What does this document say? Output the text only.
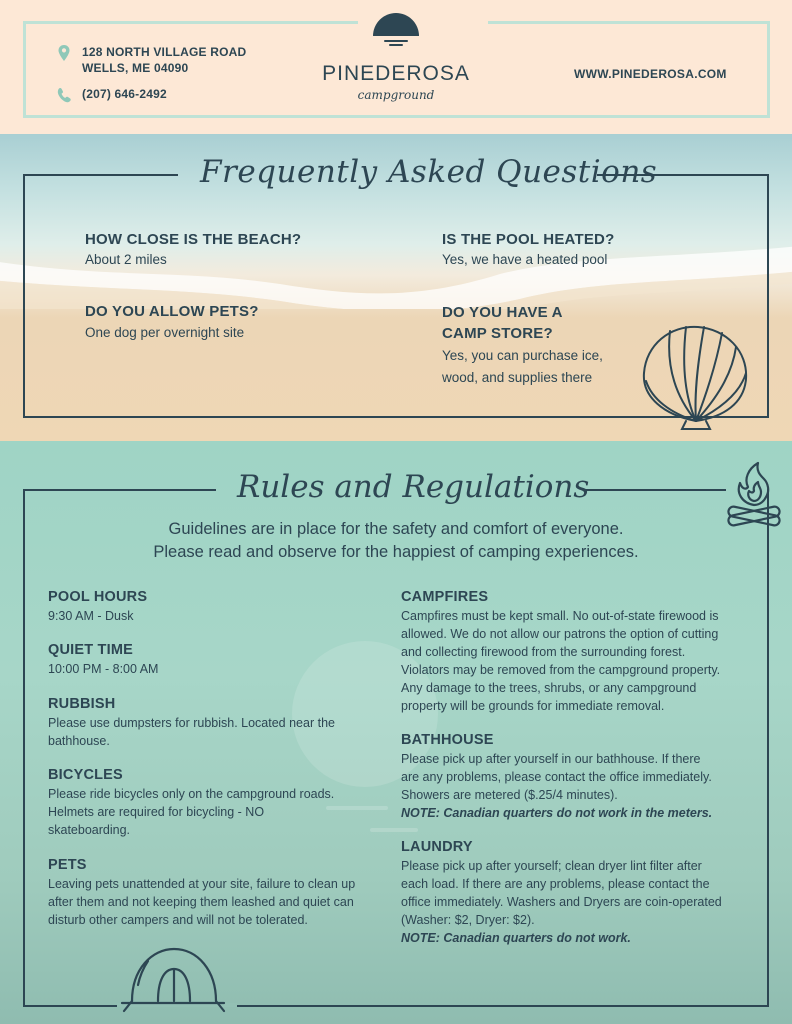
128 NORTH VILLAGE ROAD
WELLS, ME 04090
(207) 646-2492
PINEDEROSA
campground
WWW.PINEDEROSA.COM
Frequently Asked Questions
HOW CLOSE IS THE BEACH?
About 2 miles
IS THE POOL HEATED?
Yes, we have a heated pool
DO YOU ALLOW PETS?
One dog per overnight site
DO YOU HAVE A
CAMP STORE?
Yes, you can purchase ice,
wood, and supplies there
Rules and Regulations
Guidelines are in place for the safety and comfort of everyone.
Please read and observe for the happiest of camping experiences.
POOL HOURS
9:30 AM - Dusk
QUIET TIME
10:00 PM - 8:00 AM
RUBBISH
Please use dumpsters for rubbish. Located near the
bathhouse.
BICYCLES
Please ride bicycles only on the campground roads.
Helmets are required for bicycling - NO
skateboarding.
PETS
Leaving pets unattended at your site, failure to clean up
after them and not keeping them leashed and quiet can
disturb other campers and will not be tolerated.
CAMPFIRES
Campfires must be kept small. No out-of-state firewood is
allowed. We do not allow our patrons the option of cutting
and collecting firewood from the surrounding forest.
Violators may be removed from the campground property.
Any damage to the trees, shrubs, or any campground
property will be grounds for immediate removal.
BATHHOUSE
Please pick up after yourself in our bathhouse. If there
are any problems, please contact the office immediately.
Showers are metered ($.25/4 minutes).
NOTE: Canadian quarters do not work in the meters.
LAUNDRY
Please pick up after yourself; clean dryer lint filter after
each load. If there are any problems, please contact the
office immediately. Washers and Dryers are coin-operated
(Washer: $2, Dryer: $2).
NOTE: Canadian quarters do not work.
